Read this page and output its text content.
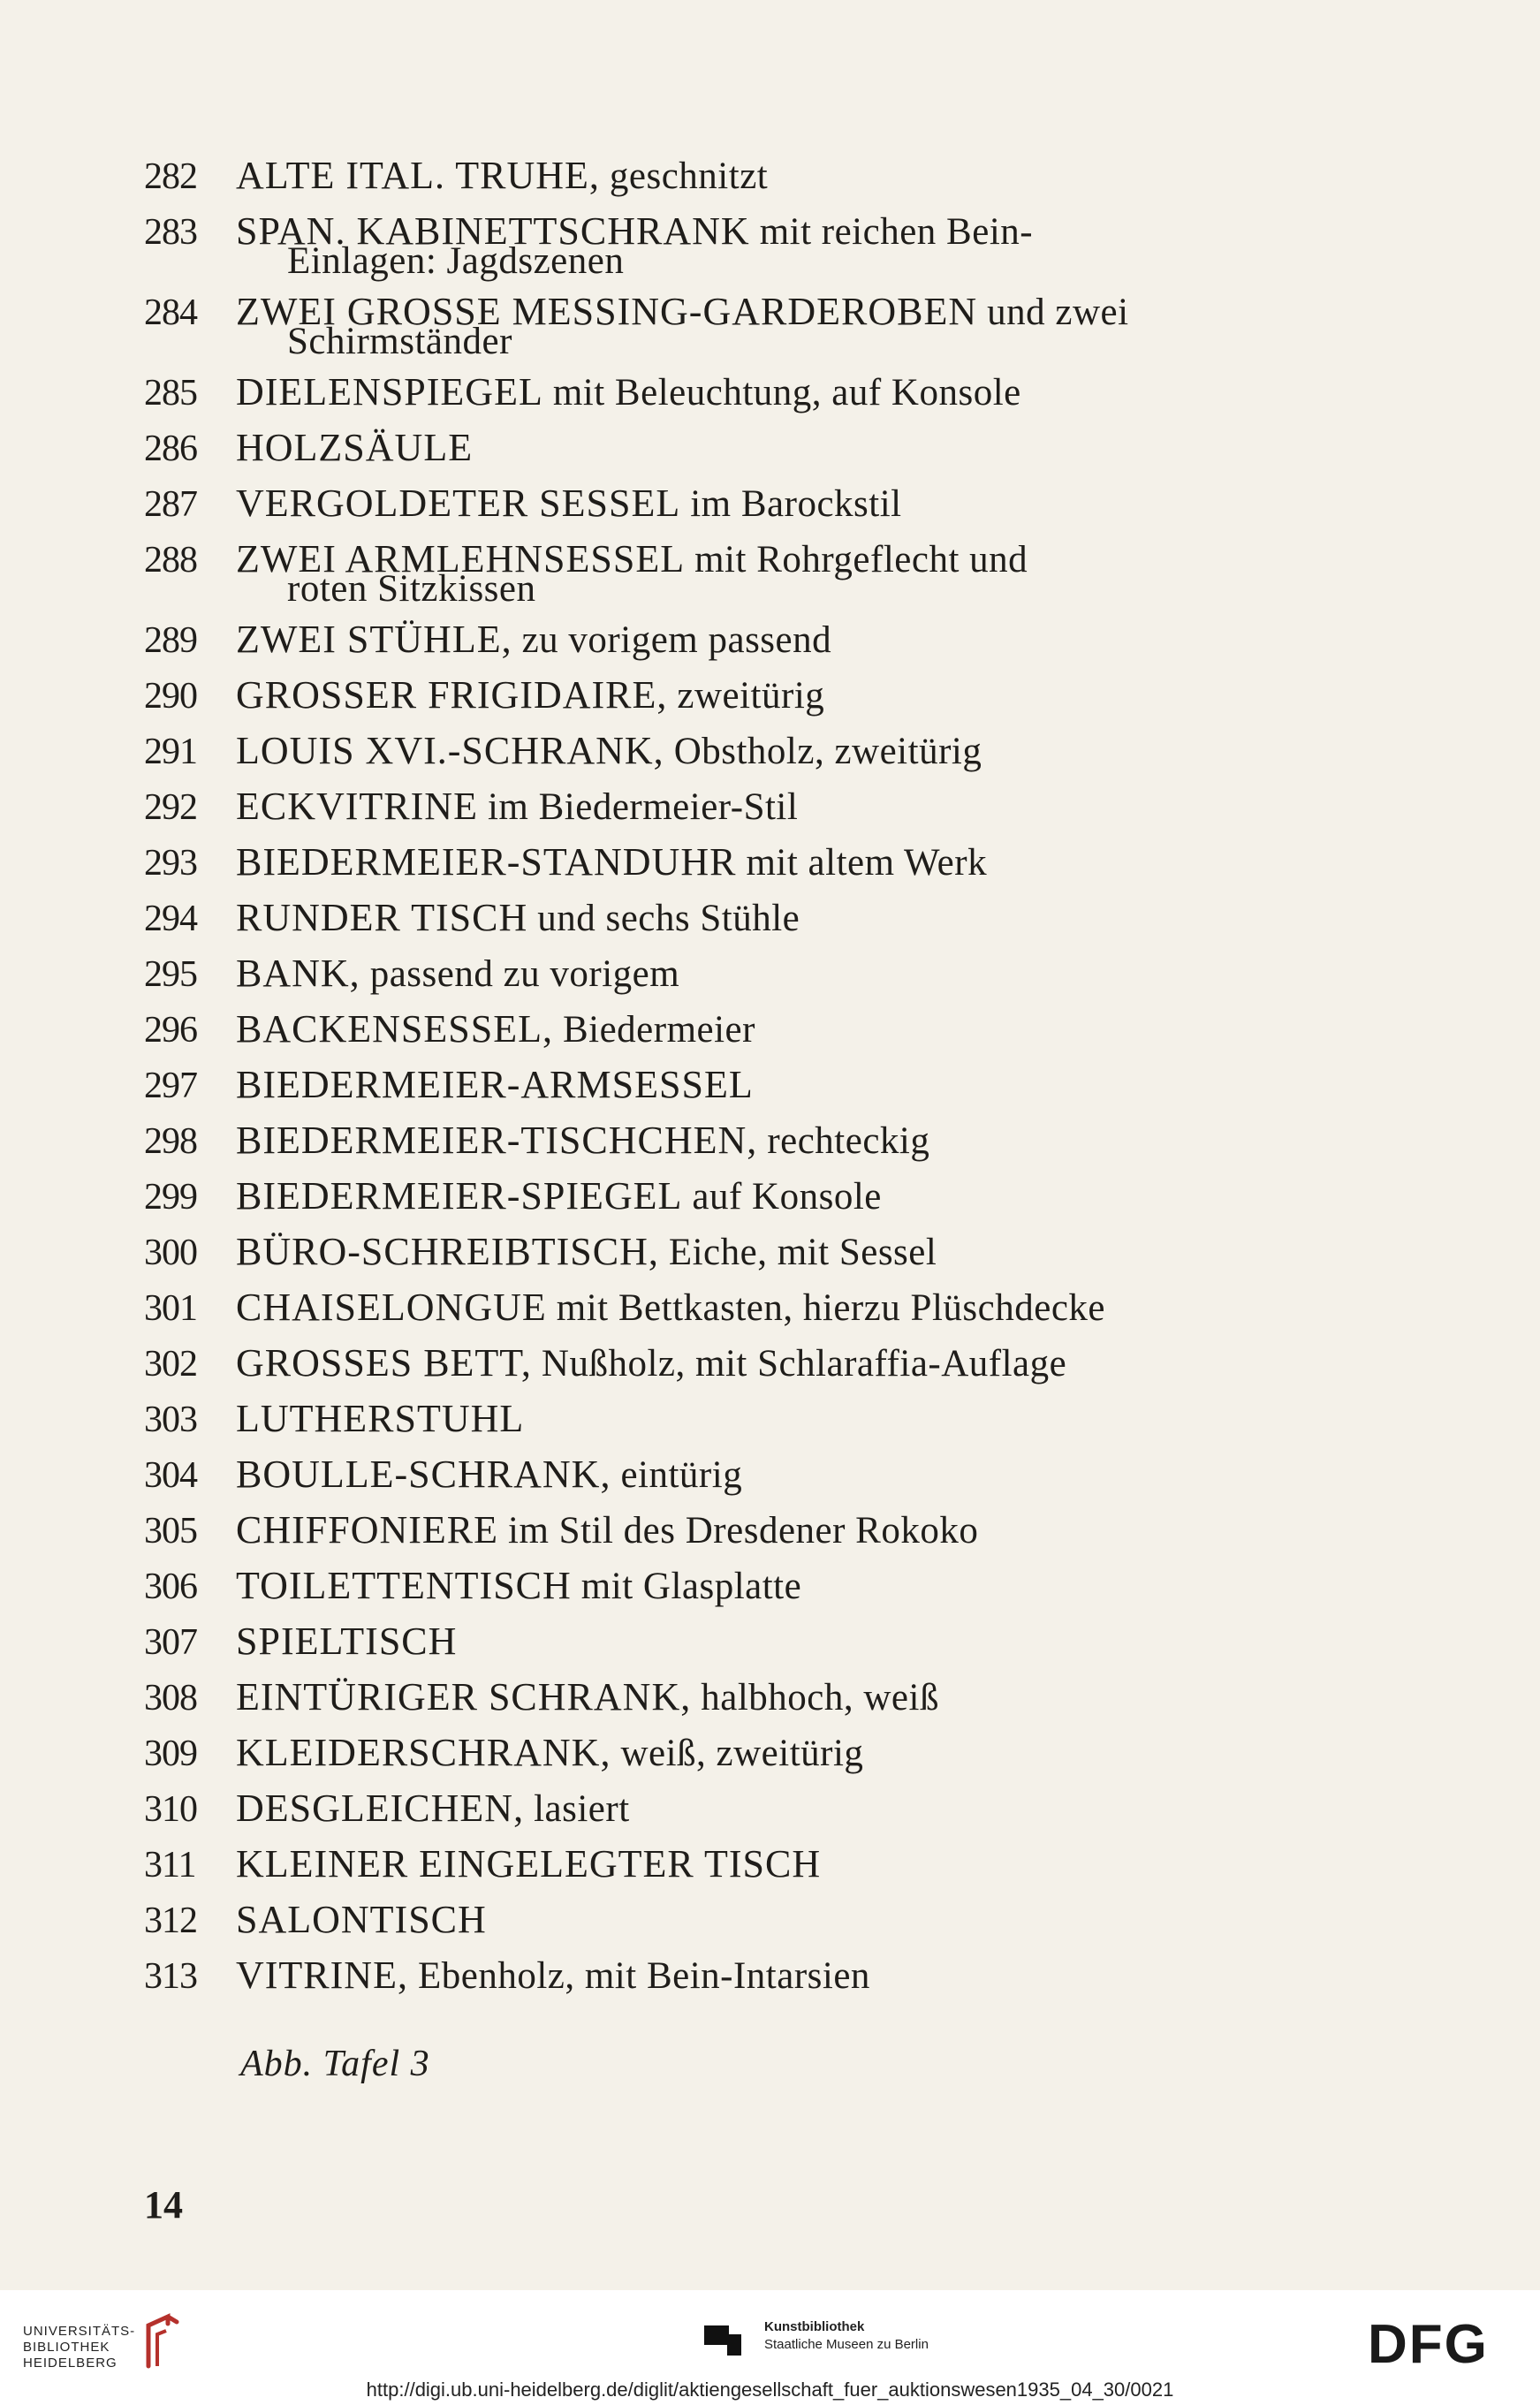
282	ALTE ITAL. TRUHE, geschnitzt
283	SPAN. KABINETTSCHRANK mit reichen Bein-
Einlagen: Jagdszenen
284	ZWEI GROSSE MESSING-GARDEROBEN und zwei
Schirmständer
285	DIELENSPIEGEL mit Beleuchtung, auf Konsole
286	HOLZSÄULE
287	VERGOLDETER SESSEL im Barockstil
288	ZWEI ARMLEHNSESSEL mit Rohrgeflecht und
roten Sitzkissen
289	ZWEI STÜHLE, zu vorigem passend
290	GROSSER FRIGIDAIRE, zweitürig
291	LOUIS XVI.-SCHRANK, Obstholz, zweitürig
292	ECKVITRINE im Biedermeier-Stil
293	BIEDERMEIER-STANDUHR mit altem Werk
294	RUNDER TISCH und sechs Stühle
295	BANK, passend zu vorigem
296	BACKENSESSEL, Biedermeier
297	BIEDERMEIER-ARMSESSEL
298	BIEDERMEIER-TISCHCHEN, rechteckig
299	BIEDERMEIER-SPIEGEL auf Konsole
300	BÜRO-SCHREIBTISCH, Eiche, mit Sessel
301	CHAISELONGUE mit Bettkasten, hierzu Plüschdecke
302	GROSSES BETT, Nußholz, mit Schlaraffia-Auflage
303	LUTHERSTUHL
304	BOULLE-SCHRANK, eintürig
305	CHIFFONIERE im Stil des Dresdener Rokoko
306	TOILETTENTISCH mit Glasplatte
307	SPIELTISCH
308	EINTÜRIGER SCHRANK, halbhoch, weiß
309	KLEIDERSCHRANK, weiß, zweitürig
310	DESGLEICHEN, lasiert
311	KLEINER EINGELEGTER TISCH
312	SALONTISCH
313	VITRINE, Ebenholz, mit Bein-Intarsien
Abb. Tafel 3
14
UNIVERSITÄTS-
BIBLIOTHEK
HEIDELBERG
Kunstbibliothek
Staatliche Museen zu Berlin	DFG
http://digi.ub.uni-heidelberg.de/diglit/aktiengesellschaft_fuer_auktionswesen1935_04_30/0021
